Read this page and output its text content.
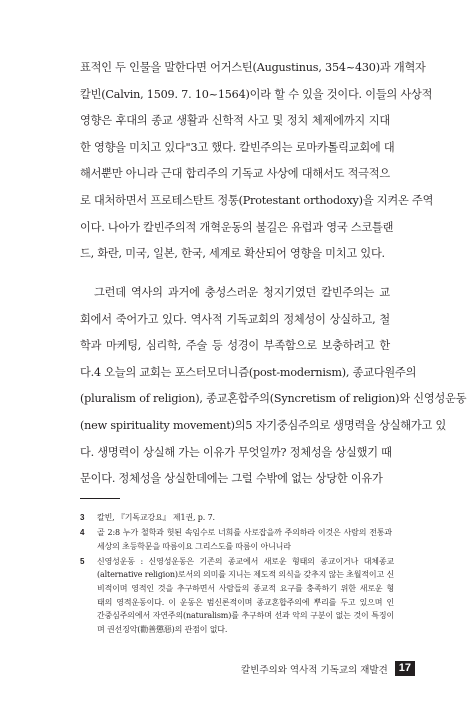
표적인 두 인물을 말한다면 어거스틴(Augustinus, 354~430)과 개혁자
칼빈(Calvin, 1509. 7. 10~1564)이라 할 수 있을 것이다. 이들의 사상적
영향은 후대의 종교 생활과 신학적 사고 및 정치 체제에까지 지대
한 영향을 미치고 있다"3고 했다. 칼빈주의는 로마카톨릭교회에 대
해서뿐만 아니라 근대 합리주의 기독교 사상에 대해서도 적극적으
로 대처하면서 프로테스탄트 정통(Protestant orthodoxy)을 지켜온 주역
이다. 나아가 칼빈주의적 개혁운동의 불길은 유럽과 영국 스코틀랜
드, 화란, 미국, 일본, 한국, 세계로 확산되어 영향을 미치고 있다.
그런데 역사의 과거에 충성스러운 청지기였던 칼빈주의는 교
회에서 죽어가고 있다. 역사적 기독교회의 정체성이 상실하고, 철
학과 마케팅, 심리학, 주술 등 성경이 부족함으로 보충하려고 한
다.4 오늘의 교회는 포스터모더니즘(post-modernism), 종교다원주의
(pluralism of religion), 종교혼합주의(Syncretism of religion)와 신영성운동
(new spirituality movement)의5 자기중심주의로 생명력을 상실해가고 있
다. 생명력이 상실해 가는 이유가 무엇일까? 정체성을 상실했기 때
문이다. 정체성을 상실한데에는 그럴 수밖에 없는 상당한 이유가
3	칼빈, 『기독교강요』 제1권, p. 7.
4	골 2:8 누가 철학과 헛된 속임수로 너희를 사로잡을까 주의하라 이것은 사람의 전통과
세상의 초등학문을 따름이요 그리스도를 따름이 아니니라
5	신영성운동 : 신영성운동은 기존의 종교에서 새로운 형태의 종교이거나 대체종교
(alternative religion)로서의 의미를 지니는 제도적 의식을 갖추지 않는 초월적이고 신
비적이며 영적인 것을 추구하면서 사람들의 종교적 요구를 충족하기 위한 새로운 형
태의 영적운동이다. 이 운동은 범신론적이며 종교혼합주의에 뿌리를 두고 있으며 인
간중심주의에서 자연주의(naturalism)를 추구하며 선과 악의 구분이 없는 것이 특징이
며 권선징악(勸善懲惡)의 관점이 없다.
칼빈주의와 역사적 기독교의 재발견	17
